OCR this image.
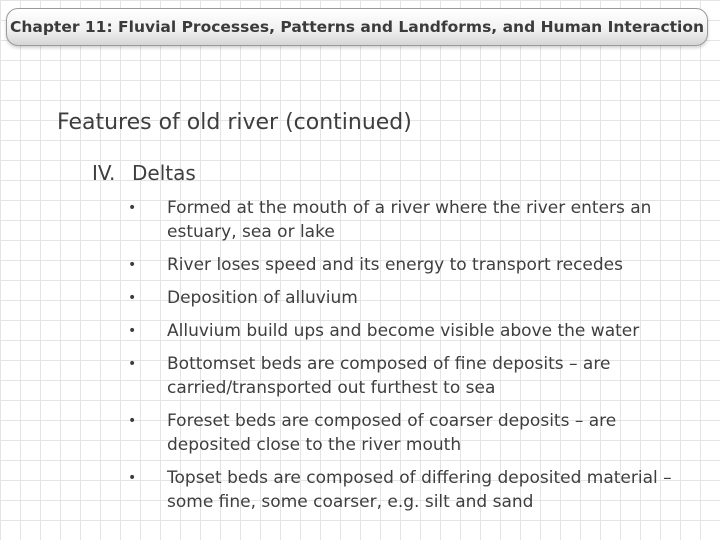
Chapter 11: Fluvial Processes, Patterns and Landforms, and Human Interaction
Features of old river (continued)
IV. Deltas
• Formed at the mouth of a river where the river enters an estuary, sea or lake
• River loses speed and its energy to transport recedes
• Deposition of alluvium
• Alluvium build ups and become visible above the water
• Bottomset beds are composed of fine deposits – are carried/transported out furthest to sea
• Foreset beds are composed of coarser deposits – are deposited close to the river mouth
• Topset beds are composed of differing deposited material – some fine, some coarser, e.g. silt and sand
